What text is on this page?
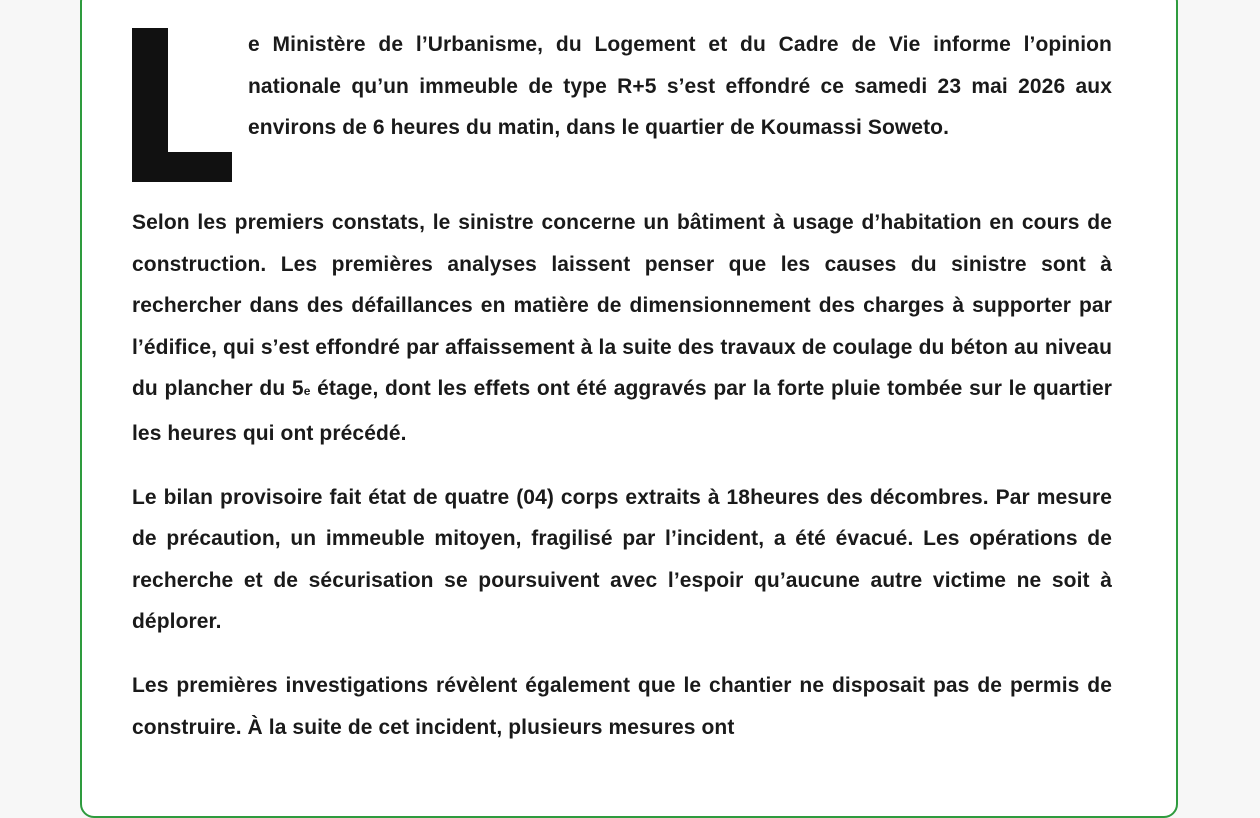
e Ministère de l’Urbanisme, du Logement et du Cadre de Vie informe l’opinion nationale qu’un immeuble de type R+5 s’est effondré ce samedi 23 mai 2026 aux environs de 6 heures du matin, dans le quartier de Koumassi Soweto.

Selon les premiers constats, le sinistre concerne un bâtiment à usage d’habitation en cours de construction. Les premières analyses laissent penser que les causes du sinistre sont à rechercher dans des défaillances en matière de dimensionnement des charges à supporter par l’édifice, qui s’est effondré par affaissement à la suite des travaux de coulage du béton au niveau du plancher du 5e étage, dont les effets ont été aggravés par la forte pluie tombée sur le quartier les heures qui ont précédé.

Le bilan provisoire fait état de quatre (04) corps extraits à 18heures des décombres. Par mesure de précaution, un immeuble mitoyen, fragilisé par l’incident, a été évacué. Les opérations de recherche et de sécurisation se poursuivent avec l’espoir qu’aucune autre victime ne soit à déplorer.

Les premières investigations révèlent également que le chantier ne disposait pas de permis de construire. À la suite de cet incident, plusieurs mesures ont
